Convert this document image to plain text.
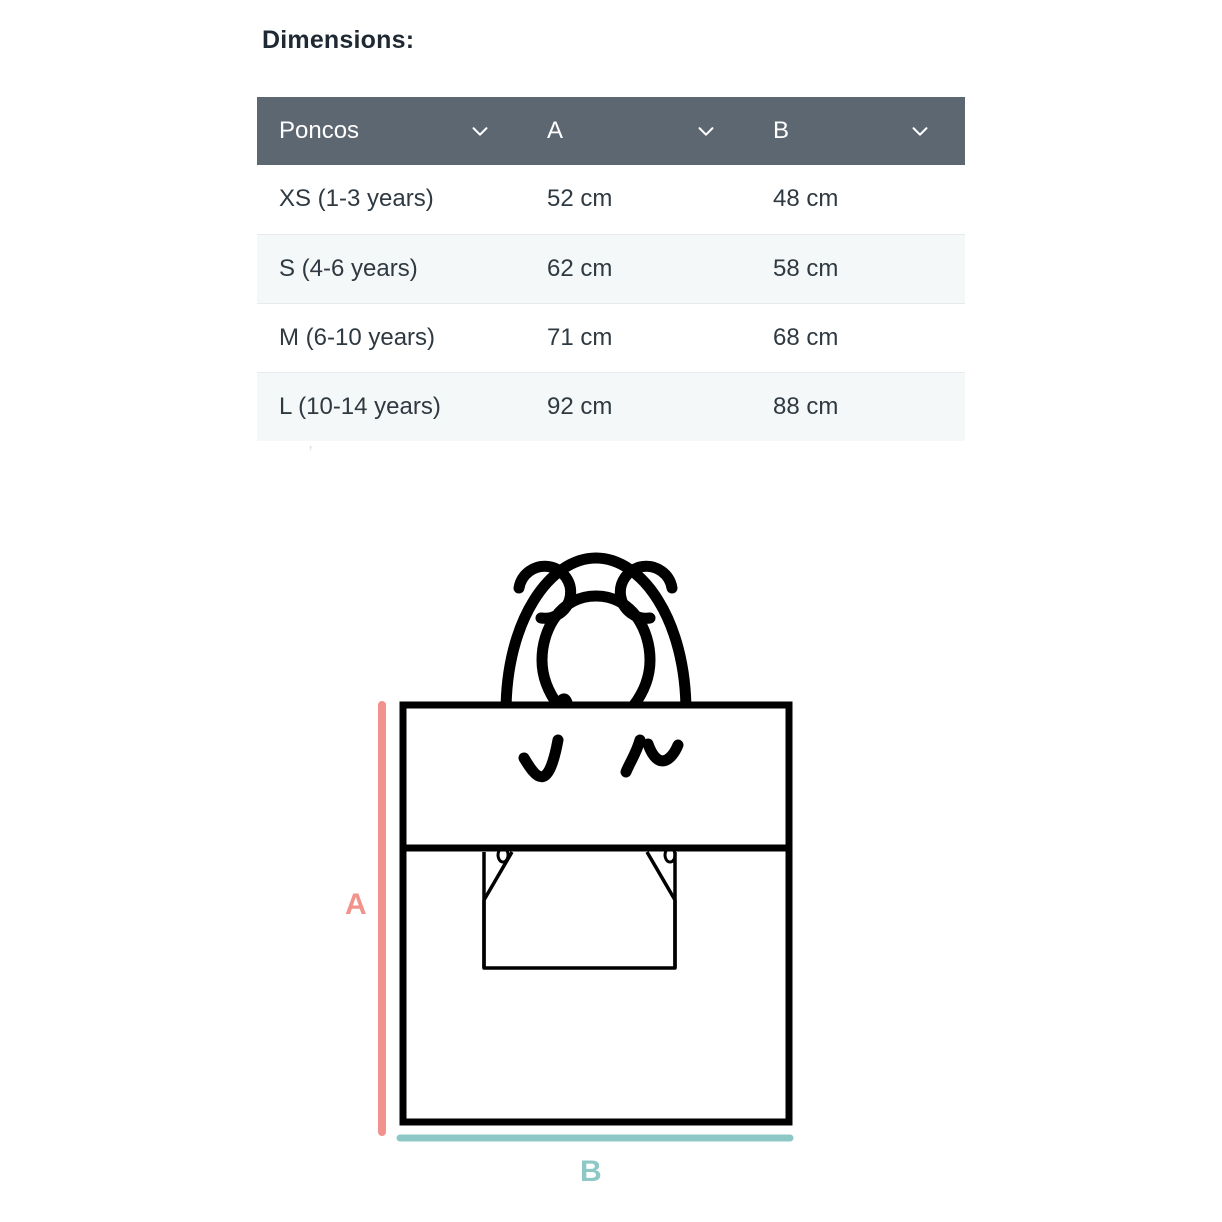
Dimensions:
Poncos	A	B

XS (1-3 years)	52 cm	48 cm
S (4-6 years)	62 cm	58 cm
M (6-10 years)	71 cm	68 cm
L (10-14 years)	92 cm	88 cm
,
A
B
